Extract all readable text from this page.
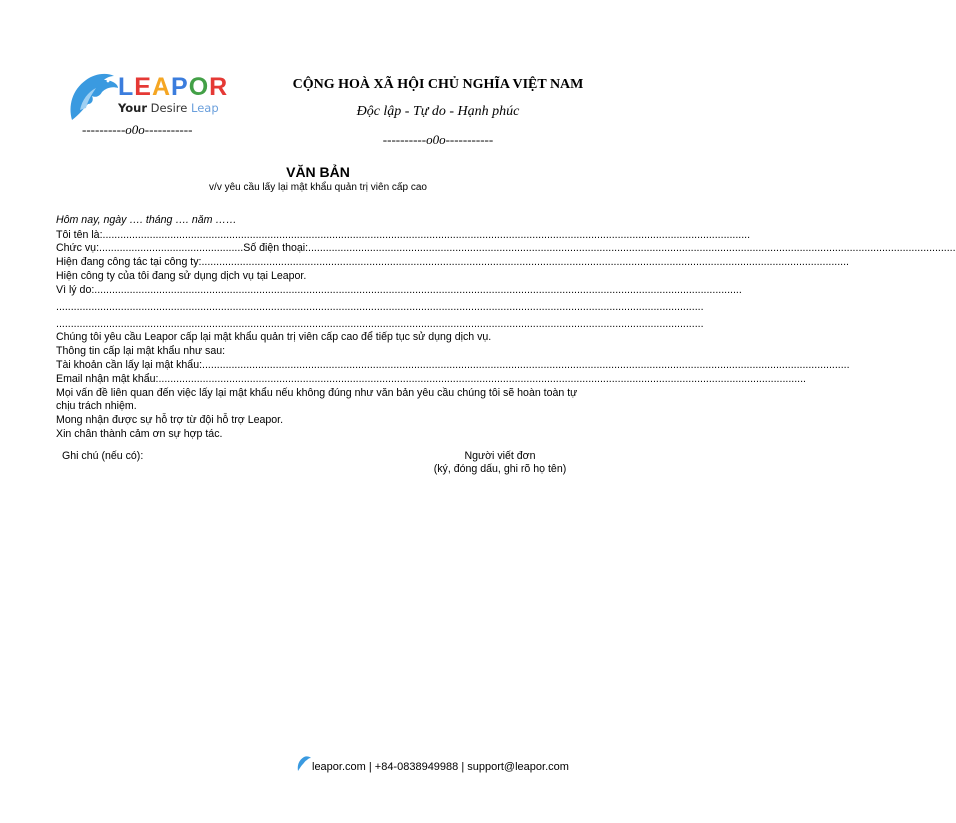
LEAPOR
Your Desire Leap
----------o0o-----------
CỘNG HOÀ XÃ HỘI CHỦ NGHĨA VIỆT NAM
Độc lập - Tự do - Hạnh phúc
----------o0o-----------
VĂN BẢN
v/v yêu cầu lấy lại mật khẩu quản trị viên cấp cao
Hôm nay, ngày …. tháng …. năm ……
Tôi tên là:............................................................................................................................................................................................................................
Chức vụ:.................................................Số điện thoại:............................................................................................................................................................................................................................
Hiện đang công tác tại công ty:............................................................................................................................................................................................................................
Hiện công ty của tôi đang sử dụng dịch vụ tại Leapor.
Vì lý do:............................................................................................................................................................................................................................
............................................................................................................................................................................................................................
............................................................................................................................................................................................................................
Chúng tôi yêu cầu Leapor cấp lại mật khẩu quản trị viên cấp cao để tiếp tục sử dụng dịch vụ.
Thông tin cấp lại mật khẩu như sau:
Tài khoản cần lấy lại mật khẩu:............................................................................................................................................................................................................................
Email nhận mật khẩu:............................................................................................................................................................................................................................
Mọi vấn đề liên quan đến việc lấy lại mật khẩu nếu không đúng như văn bản yêu cầu chúng tôi sẽ hoàn toàn tự chịu trách nhiệm.
Mong nhận được sự hỗ trợ từ đội hỗ trợ Leapor.
Xin chân thành cảm ơn sự hợp tác.
Ghi chú (nếu có):	Người viết đơn
(ký, đóng dấu, ghi rõ họ tên)
leapor.com | +84-0838949988 | support@leapor.com
